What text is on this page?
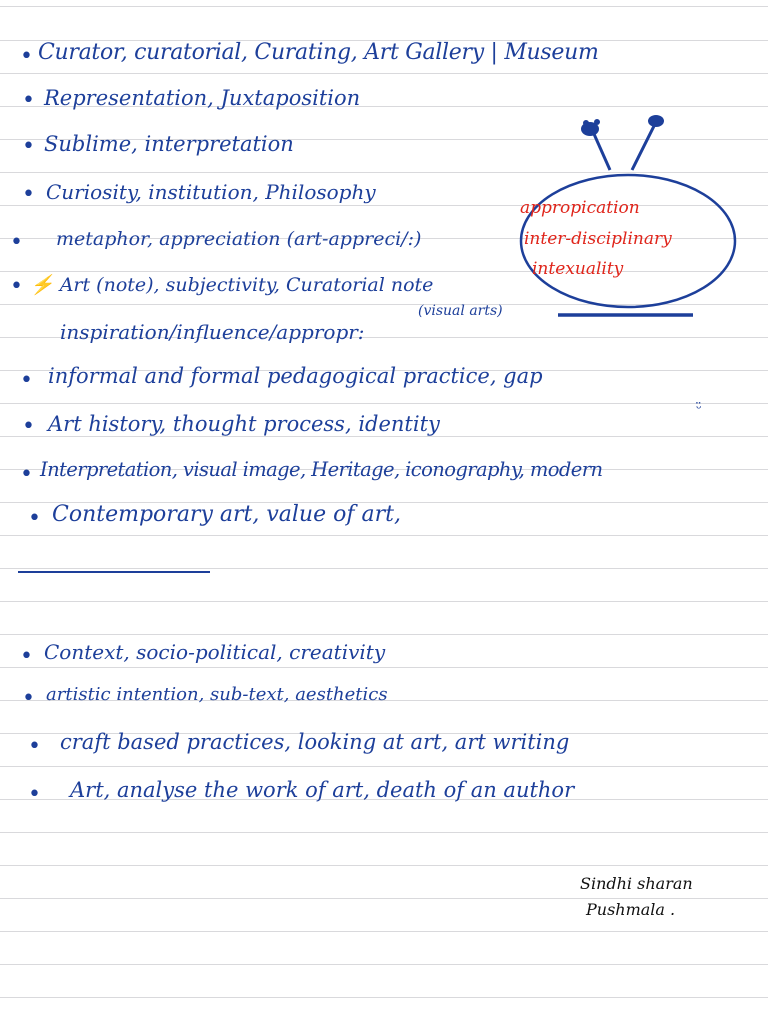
• Curator, curatorial, Curating, Art Gallery | Museum
• Representation, Juxtaposition
• Sublime, interpretation
• Curiosity, institution, Philosophy
• metaphor, appreciation (art-appreci/:)
• ⚡ Art (note), subjectivity, Curatorial note
(visual arts)
inspiration/influence/appropr:
• informal and formal pedagogical practice, gap
• Art history, thought process, identity
• Interpretation, visual image, Heritage, iconography, modern
• Contemporary art, value of art,
appropication
inter-disciplinary
intexuality
ᵕ̈
• Context, socio-political, creativity
• artistic intention, sub-text, aesthetics
• craft based practices, looking at art, art writing
• Art, analyse the work of art, death of an author
Sindhi sharan
Pushmala .
